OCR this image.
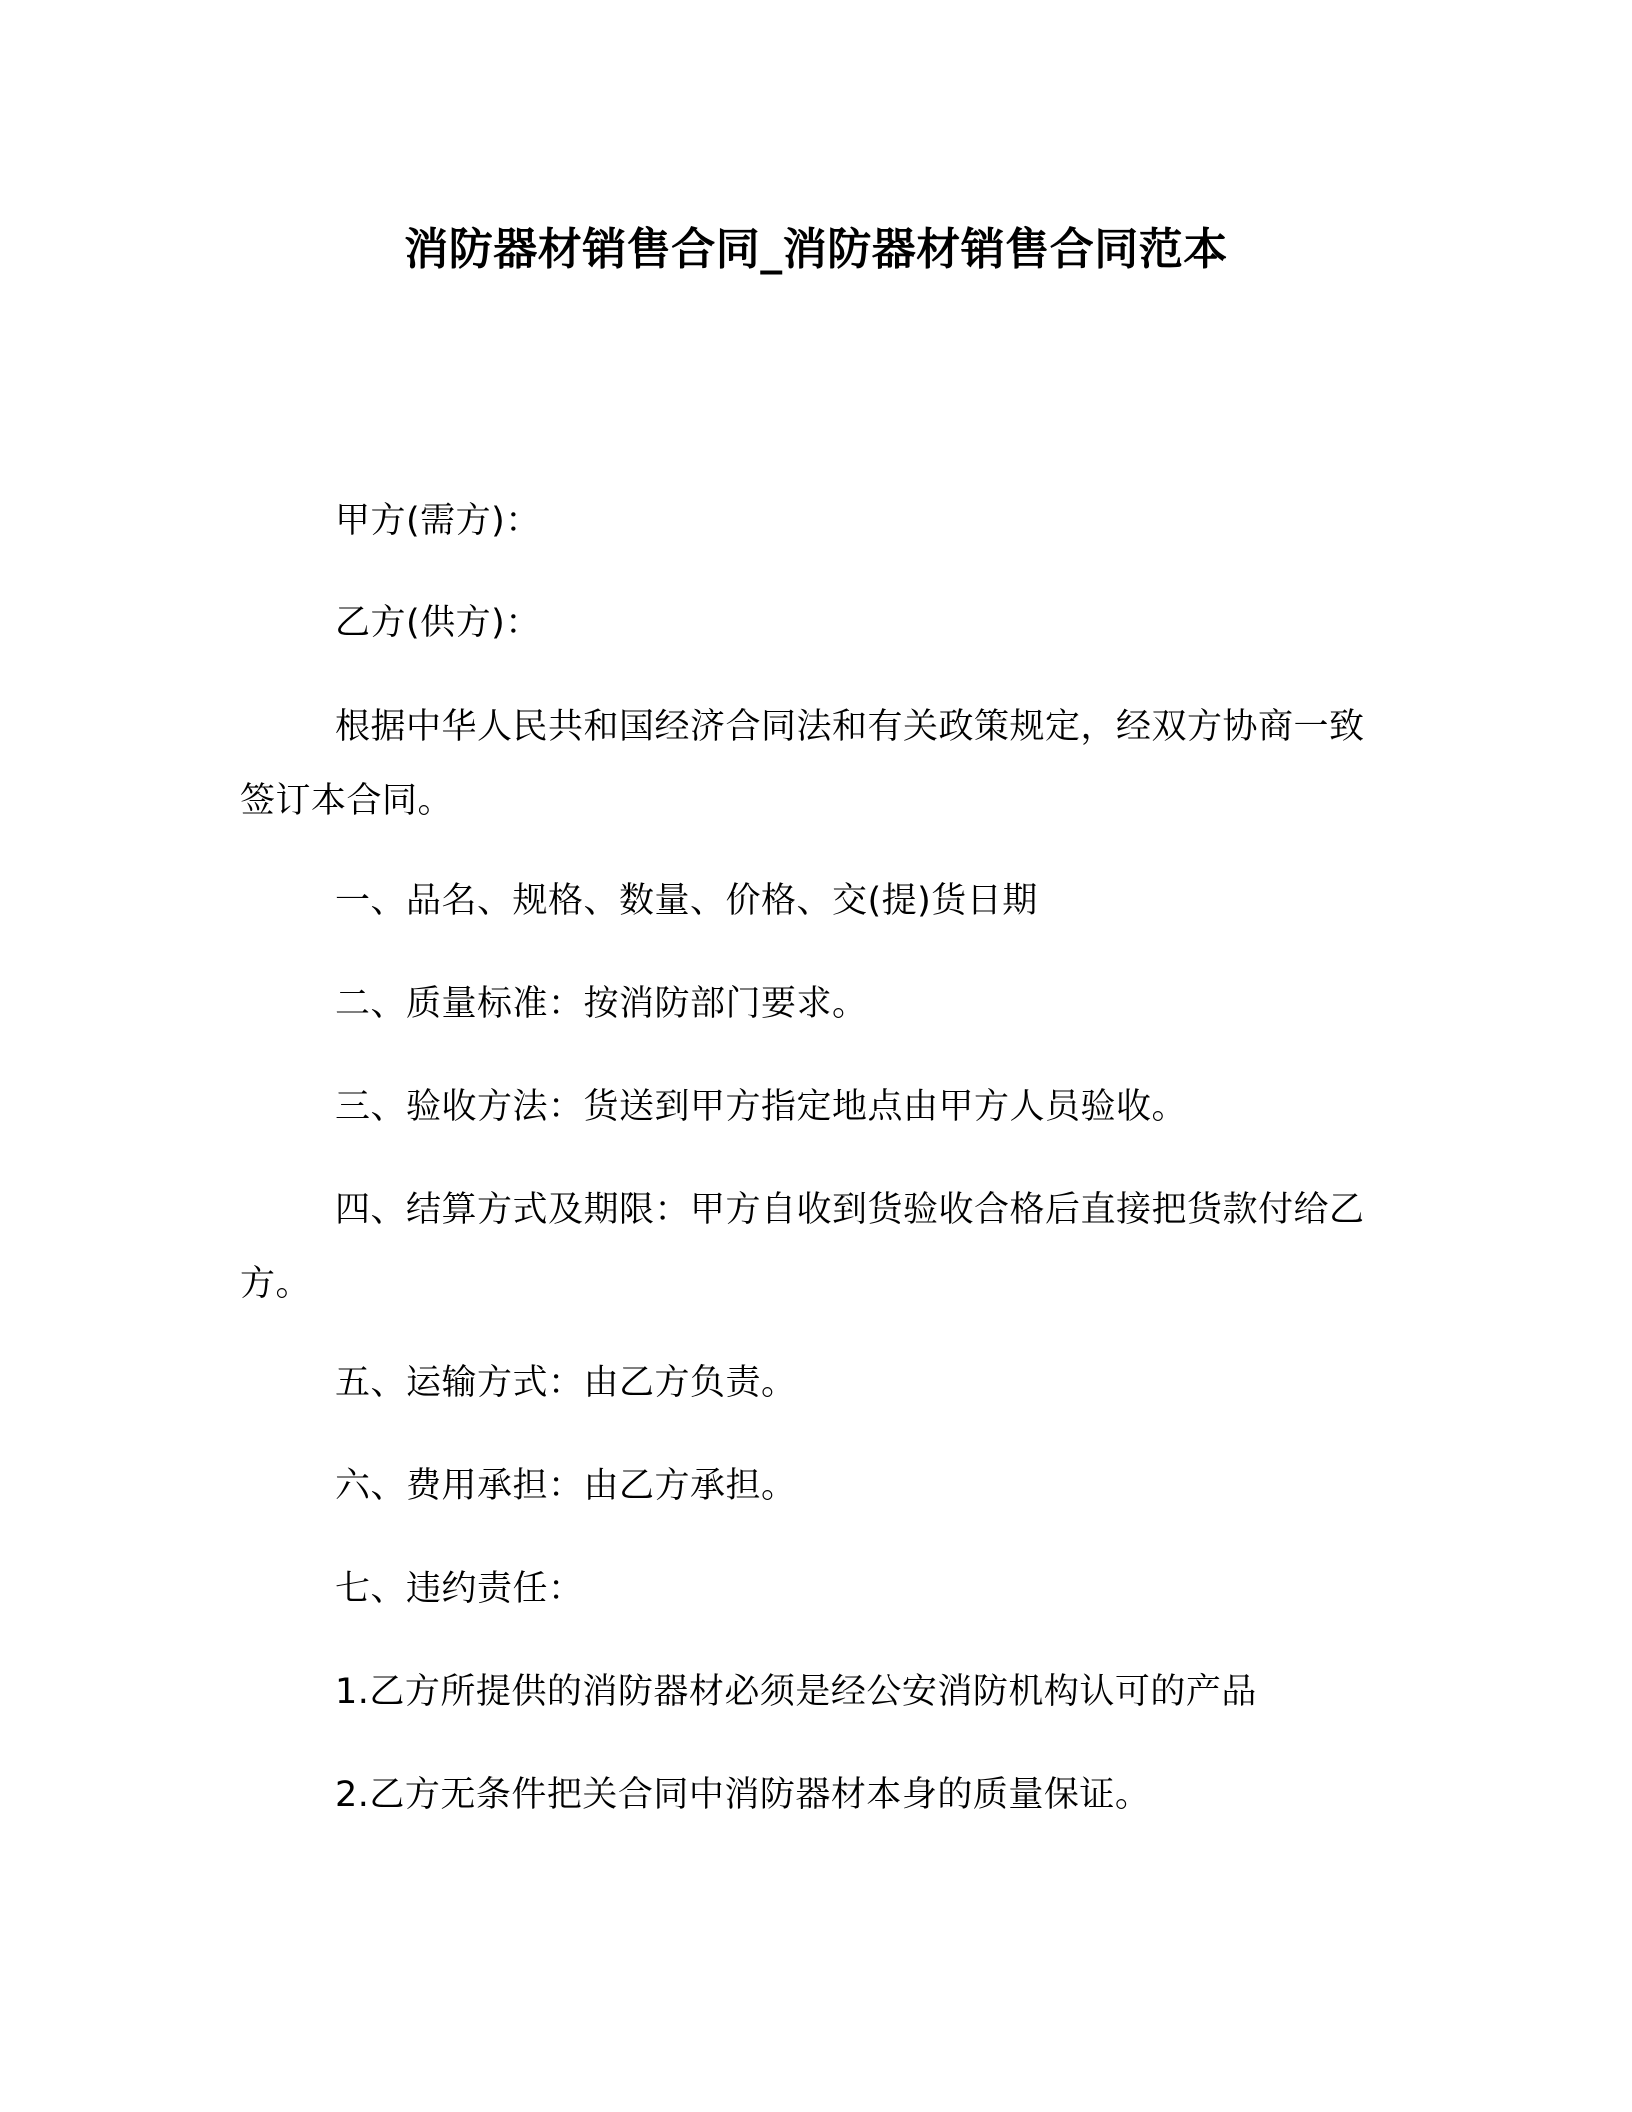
消防器材销售合同_消防器材销售合同范本

甲方(需方)：

乙方(供方)：

根据中华人民共和国经济合同法和有关政策规定，经双方协商一致签订本合同。

一、品名、规格、数量、价格、交(提)货日期

二、质量标准：按消防部门要求。

三、验收方法：货送到甲方指定地点由甲方人员验收。

四、结算方式及期限：甲方自收到货验收合格后直接把货款付给乙方。

五、运输方式：由乙方负责。

六、费用承担：由乙方承担。

七、违约责任：

1.乙方所提供的消防器材必须是经公安消防机构认可的产品

2.乙方无条件把关合同中消防器材本身的质量保证。
